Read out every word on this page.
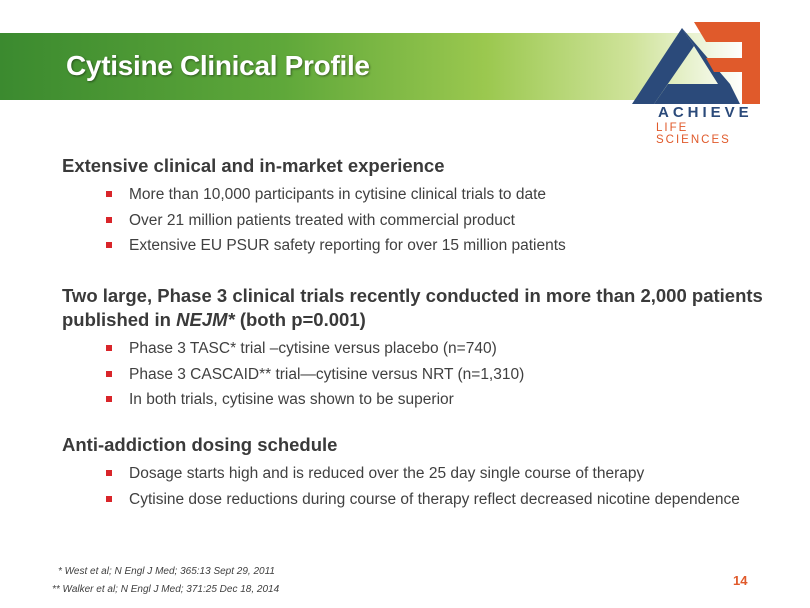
Cytisine Clinical Profile
ACHIEVE
LIFE SCIENCES
Extensive clinical and in-market experience
More than 10,000 participants in cytisine clinical trials to date
Over 21 million patients treated with commercial product
Extensive EU PSUR safety reporting for over 15 million patients
Two large, Phase 3 clinical trials recently conducted in more than 2,000 patients published in NEJM* (both p=0.001)
Phase 3 TASC* trial –cytisine versus placebo (n=740)
Phase 3 CASCAID** trial—cytisine versus NRT (n=1,310)
In both trials, cytisine was shown to be superior
Anti-addiction dosing schedule
Dosage starts high and is reduced over the 25 day single course of therapy
Cytisine dose reductions during course of therapy reflect decreased nicotine dependence
* West et al; N Engl J Med; 365:13 Sept 29, 2011
** Walker et al; N Engl J Med; 371:25 Dec 18, 2014
14
